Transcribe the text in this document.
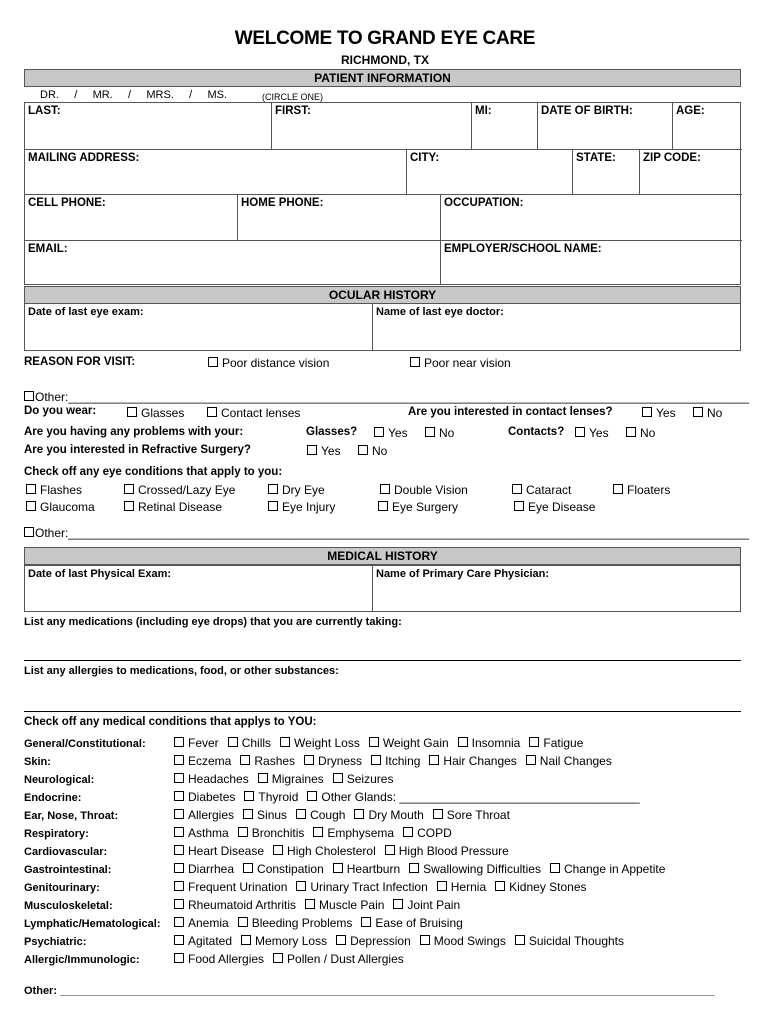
WELCOME TO GRAND EYE CARE
RICHMOND, TX
PATIENT INFORMATION
DR. / MR. / MRS. / MS.	(CIRCLE ONE)
LAST:	FIRST:	MI:	DATE OF BIRTH:	AGE:
MAILING ADDRESS:	CITY:	STATE:	ZIP CODE:
CELL PHONE:	HOME PHONE:	OCCUPATION:
EMAIL:	EMPLOYER/SCHOOL NAME:
OCULAR HISTORY
Date of last eye exam:	Name of last eye doctor:
REASON FOR VISIT:	Poor distance vision	Poor near vision
Other:______________________________________________________________________________________________________
Do you wear:	Glasses	Contact lenses	Are you interested in contact lenses?	Yes	No
Are you having any problems with your:	Glasses?	Yes	No	Contacts?	Yes	No
Are you interested in Refractive Surgery?	Yes	No
Check off any eye conditions that apply to you:
Flashes	Crossed/Lazy Eye	Dry Eye	Double Vision	Cataract	Floaters
Glaucoma	Retinal Disease	Eye Injury	Eye Surgery	Eye Disease
Other:______________________________________________________________________________________________________
MEDICAL HISTORY
Date of last Physical Exam:	Name of Primary Care Physician:
List any medications (including eye drops) that you are currently taking:
List any allergies to medications, food, or other substances:
Check off any medical conditions that applys to YOU:
General/Constitutional:	Fever Chills Weight Loss Weight Gain Insomnia Fatigue
Skin:	Eczema Rashes Dryness Itching Hair Changes Nail Changes
Neurological:	Headaches Migraines Seizures
Endocrine:	Diabetes Thyroid Other Glands: ____________________________________
Ear, Nose, Throat:	Allergies Sinus Cough Dry Mouth Sore Throat
Respiratory:	Asthma Bronchitis Emphysema COPD
Cardiovascular:	Heart Disease High Cholesterol High Blood Pressure
Gastrointestinal:	Diarrhea Constipation Heartburn Swallowing Difficulties Change in Appetite
Genitourinary:	Frequent Urination Urinary Tract Infection Hernia Kidney Stones
Musculoskeletal:	Rheumatoid Arthritis Muscle Pain Joint Pain
Lymphatic/Hematological:	Anemia Bleeding Problems Ease of Bruising
Psychiatric:	Agitated Memory Loss Depression Mood Swings Suicidal Thoughts
Allergic/Immunologic:	Food Allergies Pollen / Dust Allergies
Other: ___________________________________________________________________________________________________________
